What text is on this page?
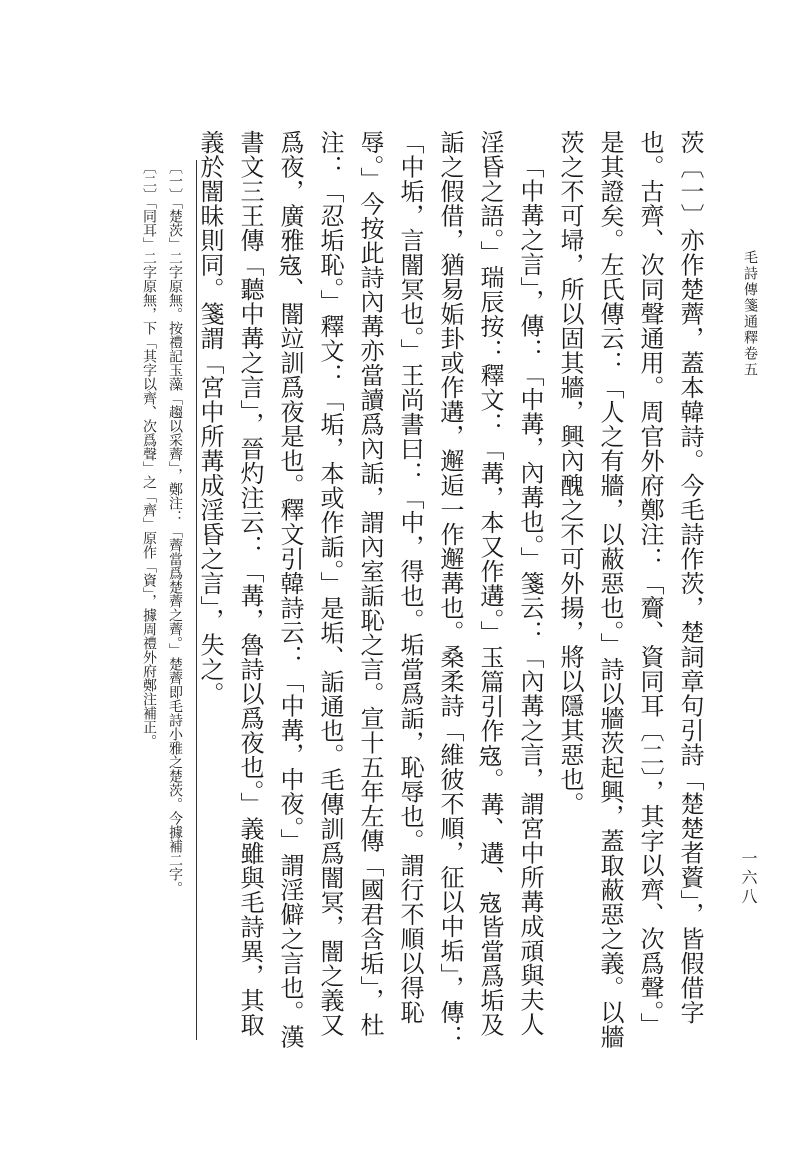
毛詩傳箋通釋卷五
一六八

茨〔一〕亦作楚薺，蓋本韓詩。今毛詩作茨，楚詞章句引詩「楚楚者薋」，皆假借字也。古齊、次同聲通用。周官外府鄭注：「齎、資同耳〔二〕，其字以齊、次爲聲。」是其證矣。左氏傳云：「人之有牆，以蔽惡也。」詩以牆茨起興，蓋取蔽惡之義。以牆茨之不可埽，所以固其牆，興內醜之不可外揚，將以隱其惡也。

「中冓之言」，傳：「中冓，內冓也。」箋云：「內冓之言，謂宮中所冓成頑與夫人淫昏之語。」瑞辰按：釋文：「冓，本又作遘。」玉篇引作𡨥。冓、遘、𡨥皆當爲垢及詬之假借，猶易姤卦或作遘，邂逅一作邂冓也。桑柔詩「維彼不順，征以中垢」，傳：「中垢，言闇冥也。」王尚書曰：「中，得也。垢當爲詬，恥辱也。謂行不順以得恥辱。」今按此詩內冓亦當讀爲內詬，謂內室詬恥之言。宣十五年左傳「國君含垢」，杜注：「忍垢恥。」釋文：「垢，本或作詬。」是垢、詬通也。毛傳訓爲闇冥，闇之義又爲夜，廣雅𡨥、闇竝訓爲夜是也。釋文引韓詩云：「中冓，中夜。」謂淫僻之言也。漢書文三王傳「聽中冓之言」，晉灼注云：「冓，魯詩以爲夜也。」義雖與毛詩異，其取義於闇昧則同。箋謂「宮中所冓成淫昏之言」，失之。

〔一〕「楚茨」二字原無。按禮記玉藻「趨以采薺」，鄭注：「薺當爲楚薺之薺。」楚薺即毛詩小雅之楚茨。今據補二字。

〔二〕「同耳」二字原無，下「其字以齊、次爲聲」之「齊」原作「資」，據周禮外府鄭注補正。
